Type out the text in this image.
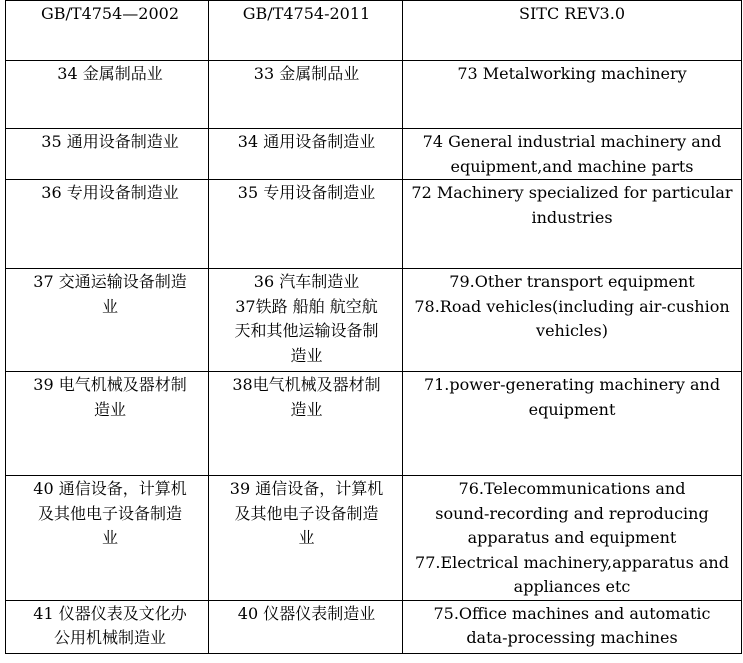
GB/T4754—2002	GB/T4754-2011	SITC REV3.0

34 金属制品业	33 金属制品业	73 Metalworking machinery

35 通用设备制造业	34 通用设备制造业	74 General industrial machinery and
equipment,and machine parts

36 专用设备制造业	35 专用设备制造业	72 Machinery specialized for particular
industries

37 交通运输设备制造
业	36 汽车制造业
37铁路 船舶 航空航
天和其他运输设备制
造业	79.Other transport equipment
78.Road vehicles(including air-cushion
vehicles)

39 电气机械及器材制
造业	38电气机械及器材制
造业	71.power-generating machinery and
equipment

40 通信设备，计算机
及其他电子设备制造
业	39 通信设备，计算机
及其他电子设备制造
业	76.Telecommunications and
sound-recording and reproducing
apparatus and equipment
77.Electrical machinery,apparatus and
appliances etc

41 仪器仪表及文化办
公用机械制造业	40 仪器仪表制造业	75.Office machines and automatic
data-processing machines
